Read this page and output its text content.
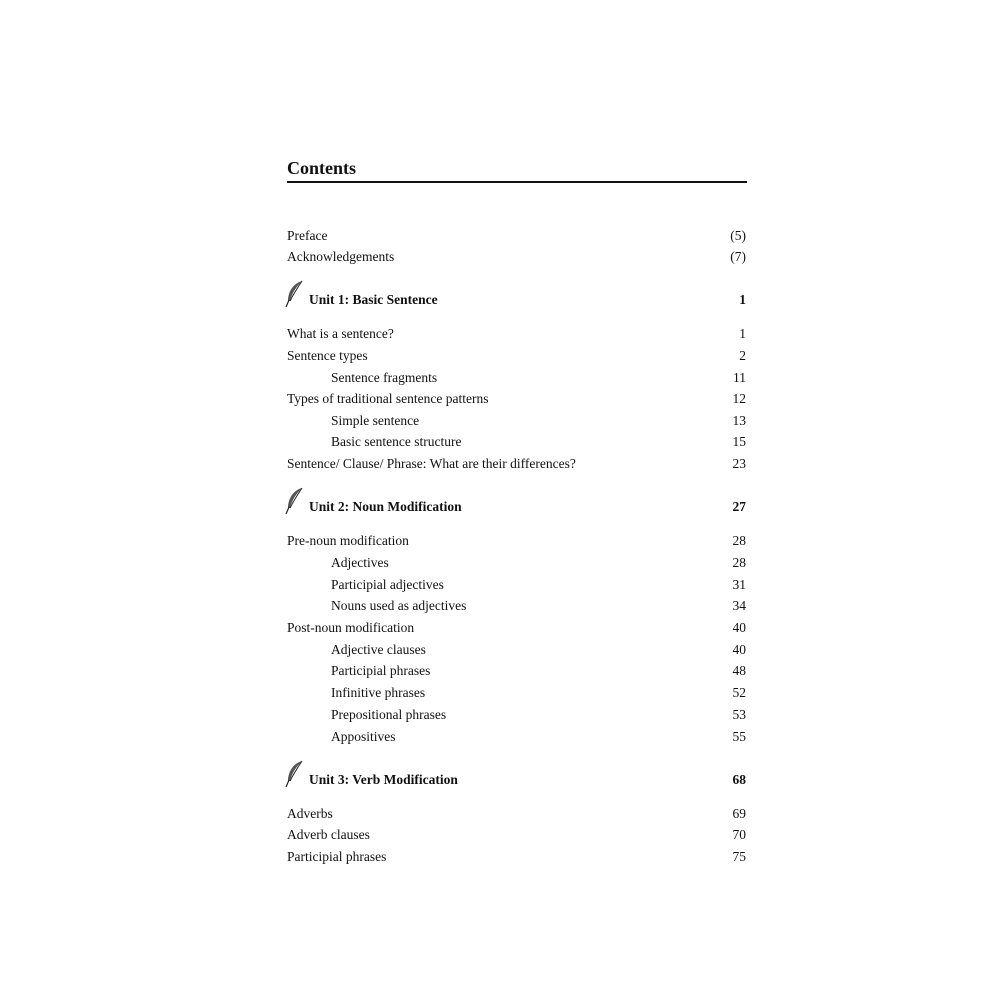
Contents
Preface	(5)
Acknowledgements	(7)
Unit 1: Basic Sentence	1
What is a sentence?	1
Sentence types	2
Sentence fragments	11
Types of traditional sentence patterns	12
Simple sentence	13
Basic sentence structure	15
Sentence/ Clause/ Phrase: What are their differences?	23
Unit 2: Noun Modification	27
Pre-noun modification	28
Adjectives	28
Participial adjectives	31
Nouns used as adjectives	34
Post-noun modification	40
Adjective clauses	40
Participial phrases	48
Infinitive phrases	52
Prepositional phrases	53
Appositives	55
Unit 3: Verb Modification	68
Adverbs	69
Adverb clauses	70
Participial phrases	75
